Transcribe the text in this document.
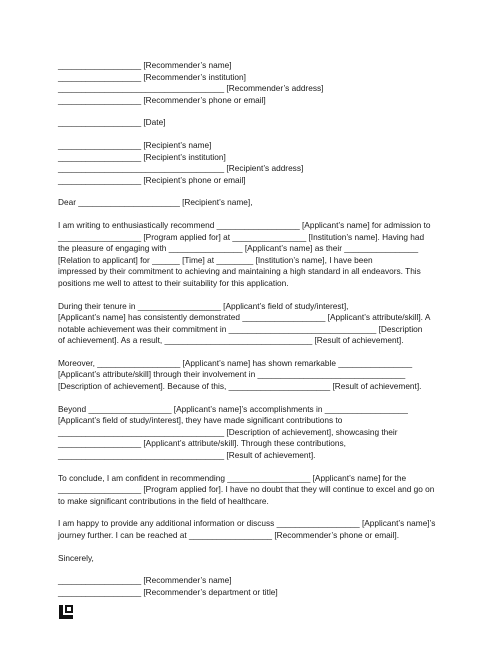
__________________ [Recommender’s name]
__________________ [Recommender’s institution]
____________________________________ [Recommender’s address]
__________________ [Recommender’s phone or email]
__________________ [Date]
__________________ [Recipient’s name]
__________________ [Recipient’s institution]
____________________________________ [Recipient’s address]
__________________ [Recipient’s phone or email]
Dear ______________________ [Recipient’s name],
I am writing to enthusiastically recommend __________________ [Applicant’s name] for admission to
__________________ [Program applied for] at ________________ [Institution’s name]. Having had
the pleasure of engaging with ________________ [Applicant’s name] as their ________________
[Relation to applicant] for ______ [Time] at ________ [Institution’s name], I have been
impressed by their commitment to achieving and maintaining a high standard in all endeavors. This
positions me well to attest to their suitability for this application.
During their tenure in __________________ [Applicant’s field of study/interest],
[Applicant’s name] has consistently demonstrated __________________ [Applicant’s attribute/skill]. A
notable achievement was their commitment in ________________________________ [Description
of achievement]. As a result, ________________________________ [Result of achievement].
Moreover, __________________ [Applicant’s name] has shown remarkable ________________
[Applicant’s attribute/skill] through their involvement in ________________________________
[Description of achievement]. Because of this, ______________________ [Result of achievement].
Beyond __________________ [Applicant’s name]’s accomplishments in __________________
[Applicant’s field of study/interest], they have made significant contributions to
____________________________________ [Description of achievement], showcasing their
__________________ [Applicant’s attribute/skill]. Through these contributions,
____________________________________ [Result of achievement].
To conclude, I am confident in recommending __________________ [Applicant’s name] for the
__________________ [Program applied for]. I have no doubt that they will continue to excel and go on
to make significant contributions in the field of healthcare.
I am happy to provide any additional information or discuss __________________ [Applicant’s name]’s
journey further. I can be reached at __________________ [Recommender’s phone or email].
Sincerely,
__________________ [Recommender’s name]
__________________ [Recommender’s department or title]
